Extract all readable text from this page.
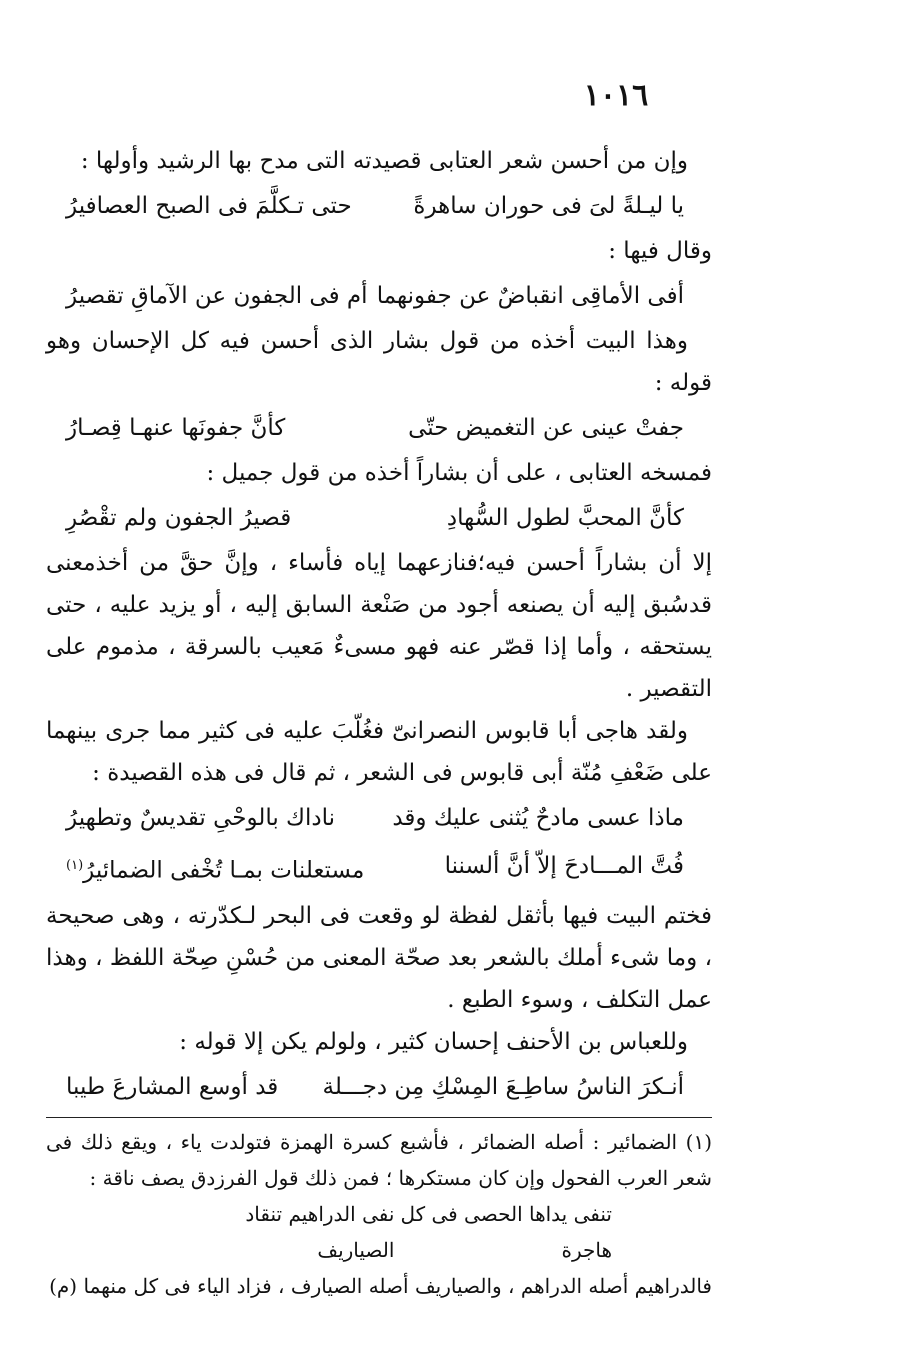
١٠١٦

وإن من أحسن شعر العتابى قصيدته التى مدح بها الرشيد وأولها :

يا ليـلةً لىَ فى حوران ساهرةً
حتى تـكلَّمَ فى الصبح العصافيرُ

وقال فيها :

أفى الأماقِى انقباضٌ عن جفونهما
أم فى الجفون عن الآماقِ تقصيرُ

وهذا البيت أخذه من قول بشار الذى أحسن فيه كل الإحسان وهو قوله :

جفتْ عينى عن التغميض حتّى
كأنَّ جفونَها عنهـا قِصـارُ

فمسخه العتابى ، على أن بشاراً أخذه من قول جميل :

كأنَّ المحبَّ لطول السُّهادِ
قصيرُ الجفون ولم تقْصُرِ

إلا أن بشاراً أحسن فيه؛فنازعهما إياه فأساء ، وإنَّ حقَّ من أخذمعنى قدسُبق إليه أن يصنعه أجود من صَنْعة السابق إليه ، أو يزيد عليه ، حتى يستحقه ، وأما إذا قصّر عنه فهو مسىءٌ مَعيب بالسرقة ، مذموم على التقصير .

ولقد هاجى أبا قابوس النصرانىّ فغُلّبَ عليه فى كثير مما جرى بينهما على ضَعْفِ مُنّة أبى قابوس فى الشعر ، ثم قال فى هذه القصيدة :

ماذا عسى مادحٌ يُثنى عليك وقد
ناداك بالوحْىِ تقديسٌ وتطهيرُ
فُتَّ المـــادحَ إلاّ أنَّ ألسننا
مستعلنات بمـا تُخْفى الضمائيرُ$^{(١)}$

فختم البيت فيها بأثقل لفظة لو وقعت فى البحر لـكدّرته ، وهى صحيحة ، وما شىء أملك بالشعر بعد صحّة المعنى من حُسْنِ صِحّة اللفظ ، وهذا عمل التكلف ، وسوء الطبع .

وللعباس بن الأحنف إحسان كثير ، ولولم يكن إلا قوله :

أنـكرَ الناسُ ساطِـعَ المِسْكِ مِن دجـــلة
قد أوسع المشارعَ طيبا

(١) الضمائير : أصله الضمائر ، فأشبع كسرة الهمزة فتولدت ياء ، ويقع ذلك فى شعر العرب الفحول وإن كان مستكرها ؛ فمن ذلك قول الفرزدق يصف ناقة :

تنفى يداها الحصى فى كل هاجرة
نفى الدراهيم تنقاد الصياريف

فالدراهيم أصله الدراهم ، والصياريف أصله الصيارف ، فزاد الياء فى كل منهما (م)
